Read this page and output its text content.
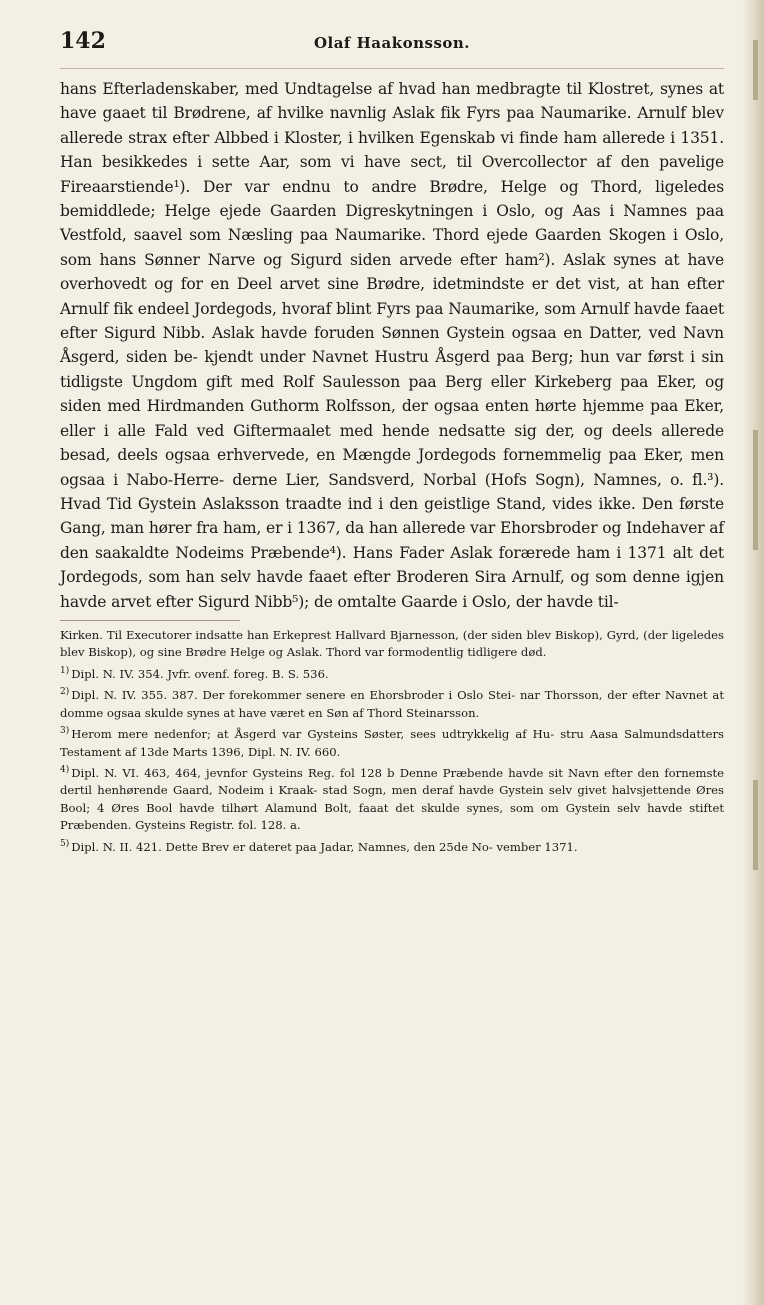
142	Olaf Haakonsson.

hans Efterladenskaber, med Undtagelse af hvad han medbragte til Klostret, synes at have gaaet til Brødrene, af hvilke navnlig Aslak fik Fyrs paa Naumarike. Arnulf blev allerede strax efter Albbed i Kloster, i hvilken Egenskab vi finde ham allerede i 1351. Han besikkedes i sette Aar, som vi have sect, til Overcollector af den pavelige Fireaarstiende¹). Der var endnu to andre Brødre, Helge og Thord, ligeledes bemiddlede; Helge ejede Gaarden Digreskytningen i Oslo, og Aas i Namnes paa Vestfold, saavel som Næsling paa Naumarike. Thord ejede Gaarden Skogen i Oslo, som hans Sønner Narve og Sigurd siden arvede efter ham²). Aslak synes at have overhovedt og for en Deel arvet sine Brødre, idetmindste er det vist, at han efter Arnulf fik endeel Jordegods, hvoraf blint Fyrs paa Naumarike, som Arnulf havde faaet efter Sigurd Nibb. Aslak havde foruden Sønnen Gystein ogsaa en Datter, ved Navn Åsgerd, siden be- kjendt under Navnet Hustru Åsgerd paa Berg; hun var først i sin tidligste Ungdom gift med Rolf Saulesson paa Berg eller Kirkeberg paa Eker, og siden med Hirdmanden Guthorm Rolfsson, der ogsaa enten hørte hjemme paa Eker, eller i alle Fald ved Giftermaalet med hende nedsatte sig der, og deels allerede besad, deels ogsaa erhvervede, en Mængde Jordegods fornemmelig paa Eker, men ogsaa i Nabo-Herre- derne Lier, Sandsverd, Norbal (Hofs Sogn), Namnes, o. fl.³). Hvad Tid Gystein Aslaksson traadte ind i den geistlige Stand, vides ikke. Den første Gang, man hører fra ham, er i 1367, da han allerede var Ehorsbroder og Indehaver af den saakaldte Nodeims Præbende⁴). Hans Fader Aslak forærede ham i 1371 alt det Jordegods, som han selv havde faaet efter Broderen Sira Arnulf, og som denne igjen havde arvet efter Sigurd Nibb⁵); de omtalte Gaarde i Oslo, der havde til-

Kirken. Til Executorer indsatte han Erkeprest Hallvard Bjarnesson, (der siden blev Biskop), Gyrd, (der ligeledes blev Biskop), og sine Brødre Helge og Aslak. Thord var formodentlig tidligere død.

$^{1)}$ Dipl. N. IV. 354. Jvfr. ovenf. foreg. B. S. 536.

$^{2)}$ Dipl. N. IV. 355. 387. Der forekommer senere en Ehorsbroder i Oslo Stei- nar Thorsson, der efter Navnet at domme ogsaa skulde synes at have været en Søn af Thord Steinarsson.

$^{3)}$ Herom mere nedenfor; at Åsgerd var Gysteins Søster, sees udtrykkelig af Hu- stru Aasa Salmundsdatters Testament af 13de Marts 1396, Dipl. N. IV. 660.

$^{4)}$ Dipl. N. VI. 463, 464, jevnfor Gysteins Reg. fol 128 b Denne Præbende havde sit Navn efter den fornemste dertil henhørende Gaard, Nodeim i Kraak- stad Sogn, men deraf havde Gystein selv givet halvsjettende Øres Bool; 4 Øres Bool havde tilhørt Alamund Bolt, faaat det skulde synes, som om Gystein selv havde stiftet Præbenden. Gysteins Registr. fol. 128. a.

$^{5)}$ Dipl. N. II. 421. Dette Brev er dateret paa Jadar, Namnes, den 25de No- vember 1371.
